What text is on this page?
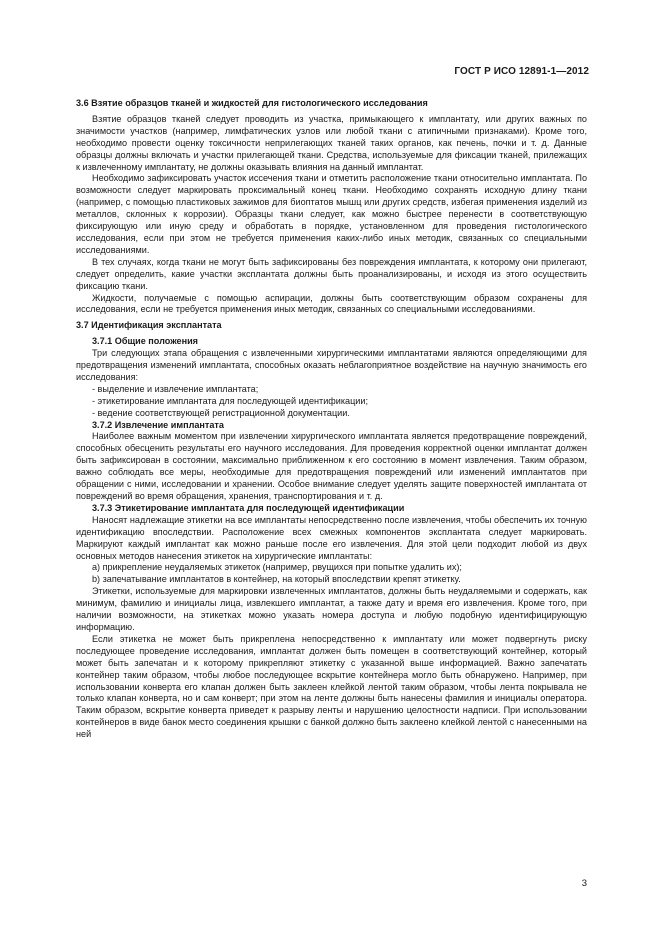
ГОСТ Р ИСО 12891-1—2012
3.6 Взятие образцов тканей и жидкостей для гистологического исследования

Взятие образцов тканей следует проводить из участка, примыкающего к имплантату, или других важных по значимости участков (например, лимфатических узлов или любой ткани с атипичными признаками). Кроме того, необходимо провести оценку токсичности неприлегающих тканей таких органов, как печень, почки и т. д. Данные образцы должны включать и участки прилегающей ткани. Средства, используемые для фиксации тканей, прилежащих к извлеченному имплантату, не должны оказывать влияния на данный имплантат.

Необходимо зафиксировать участок иссечения ткани и отметить расположение ткани относительно имплантата. По возможности следует маркировать проксимальный конец ткани. Необходимо сохранять исходную длину ткани (например, с помощью пластиковых зажимов для биоптатов мышц или других средств, избегая применения изделий из металлов, склонных к коррозии). Образцы ткани следует, как можно быстрее перенести в соответствующую фиксирующую или иную среду и обработать в порядке, установленном для проведения гистологического исследования, если при этом не требуется применения каких-либо иных методик, связанных со специальными исследованиями.

В тех случаях, когда ткани не могут быть зафиксированы без повреждения имплантата, к которому они прилегают, следует определить, какие участки эксплантата должны быть проанализированы, и исходя из этого осуществить фиксацию ткани.

Жидкости, получаемые с помощью аспирации, должны быть соответствующим образом сохранены для исследования, если не требуется применения иных методик, связанных со специальными исследованиями.

3.7 Идентификация эксплантата
3.7.1 Общие положения

Три следующих этапа обращения с извлеченными хирургическими имплантатами являются определяющими для предотвращения изменений имплантата, способных оказать неблагоприятное воздействие на научную значимость его исследования:

- выделение и извлечение имплантата;
- этикетирование имплантата для последующей идентификации;
- ведение соответствующей регистрационной документации.
3.7.2 Извлечение имплантата

Наиболее важным моментом при извлечении хирургического имплантата является предотвращение повреждений, способных обесценить результаты его научного исследования. Для проведения корректной оценки имплантат должен быть зафиксирован в состоянии, максимально приближенном к его состоянию в момент извлечения. Таким образом, важно соблюдать все меры, необходимые для предотвращения повреждений или изменений имплантатов при обращении с ними, исследовании и хранении. Особое внимание следует уделять защите поверхностей имплантата от повреждений во время обращения, хранения, транспортирования и т. д.

3.7.3 Этикетирование имплантата для последующей идентификации

Наносят надлежащие этикетки на все имплантаты непосредственно после извлечения, чтобы обеспечить их точную идентификацию впоследствии. Расположение всех смежных компонентов эксплантата следует маркировать. Маркируют каждый имплантат как можно раньше после его извлечения. Для этой цели подходит любой из двух основных методов нанесения этикеток на хирургические имплантаты:

а) прикрепление неудаляемых этикеток (например, рвущихся при попытке удалить их);
b) запечатывание имплантатов в контейнер, на который впоследствии крепят этикетку.

Этикетки, используемые для маркировки извлеченных имплантатов, должны быть неудаляемыми и содержать, как минимум, фамилию и инициалы лица, извлекшего имплантат, а также дату и время его извлечения. Кроме того, при наличии возможности, на этикетках можно указать номера доступа и любую подобную идентифицирующую информацию.

Если этикетка не может быть прикреплена непосредственно к имплантату или может подвергнуть риску последующее проведение исследования, имплантат должен быть помещен в соответствующий контейнер, который может быть запечатан и к которому прикрепляют этикетку с указанной выше информацией. Важно запечатать контейнер таким образом, чтобы любое последующее вскрытие контейнера могло быть обнаружено. Например, при использовании конверта его клапан должен быть заклеен клейкой лентой таким образом, чтобы лента покрывала не только клапан конверта, но и сам конверт; при этом на ленте должны быть нанесены фамилия и инициалы оператора. Таким образом, вскрытие конверта приведет к разрыву ленты и нарушению целостности надписи. При использовании контейнеров в виде банок место соединения крышки с банкой должно быть заклеено клейкой лентой с нанесенными на ней

3
